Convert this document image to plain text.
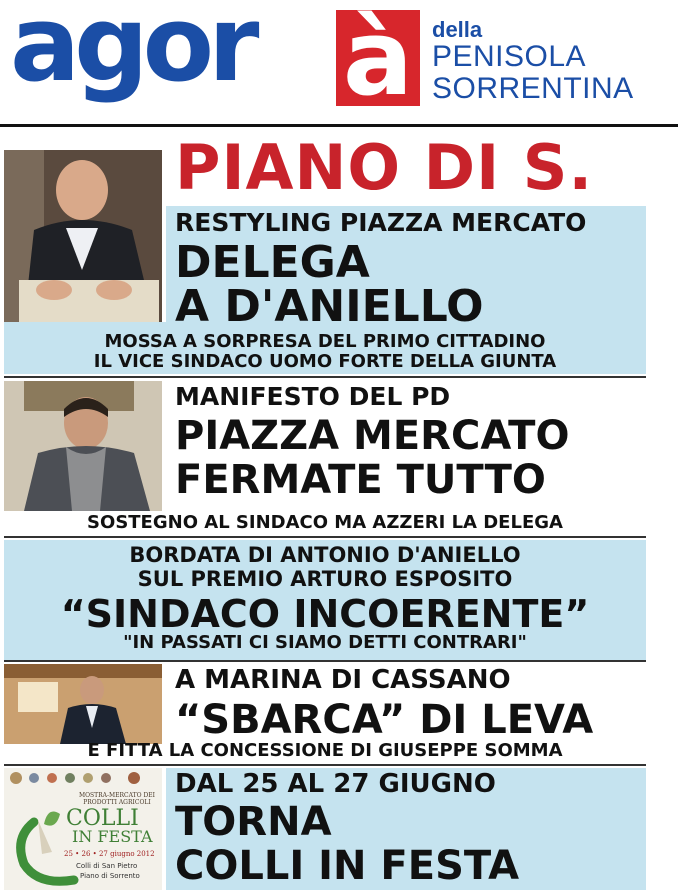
agor à della
PENISOLA
SORRENTINA
PIANO DI S.
RESTYLING PIAZZA MERCATO
DELEGA
A D'ANIELLO
MOSSA A SORPRESA DEL PRIMO CITTADINO
IL VICE SINDACO UOMO FORTE DELLA GIUNTA
MANIFESTO DEL PD
PIAZZA MERCATO
FERMATE TUTTO
SOSTEGNO AL SINDACO MA AZZERI LA DELEGA
BORDATA DI ANTONIO D'ANIELLO
SUL PREMIO ARTURO ESPOSITO
“SINDACO INCOERENTE”
"IN PASSATI CI SIAMO DETTI CONTRARI"
A MARINA DI CASSANO
“SBARCA” DI LEVA
E FITTA LA CONCESSIONE DI GIUSEPPE SOMMA
MOSTRA-MERCATO DEI PRODOTTI AGRICOLI
COLLI
IN FESTA
25 • 26 • 27 giugno 2012
Colli di San Pietro
Piano di Sorrento
DAL 25 AL 27 GIUGNO
TORNA
COLLI IN FESTA
